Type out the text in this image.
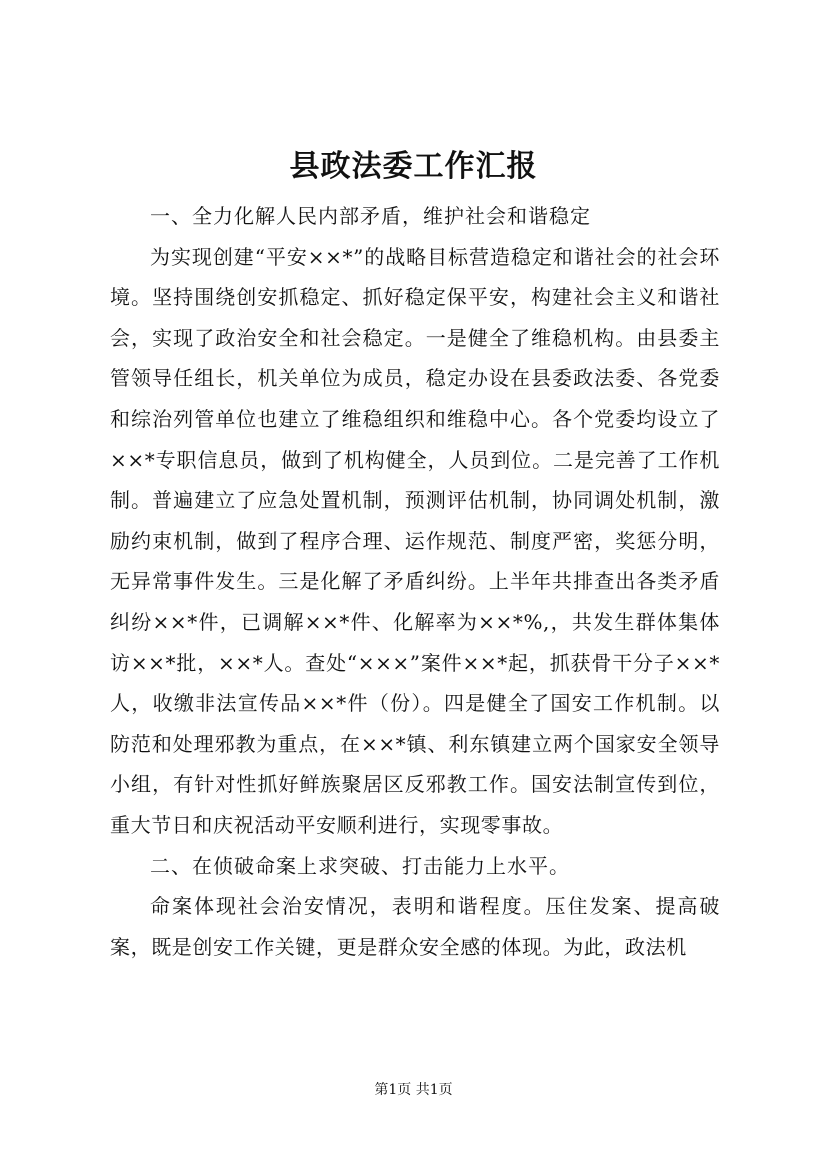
县政法委工作汇报

一、全力化解人民内部矛盾，维护社会和谐稳定

为实现创建“平安××*”的战略目标营造稳定和谐社会的社会环境。坚持围绕创安抓稳定、抓好稳定保平安，构建社会主义和谐社会，实现了政治安全和社会稳定。一是健全了维稳机构。由县委主管领导任组长，机关单位为成员，稳定办设在县委政法委、各党委和综治列管单位也建立了维稳组织和维稳中心。各个党委均设立了××*专职信息员，做到了机构健全，人员到位。二是完善了工作机制。普遍建立了应急处置机制，预测评估机制，协同调处机制，激励约束机制，做到了程序合理、运作规范、制度严密，奖惩分明，无异常事件发生。三是化解了矛盾纠纷。上半年共排查出各类矛盾纠纷××*件，已调解××*件、化解率为××*%,，共发生群体集体访××*批，××*人。查处“×××”案件××*起，抓获骨干分子××*人，收缴非法宣传品××*件（份）。四是健全了国安工作机制。以防范和处理邪教为重点，在××*镇、利东镇建立两个国家安全领导小组，有针对性抓好鲜族聚居区反邪教工作。国安法制宣传到位，重大节日和庆祝活动平安顺利进行，实现零事故。

二、在侦破命案上求突破、打击能力上水平。

命案体现社会治安情况，表明和谐程度。压住发案、提高破案，既是创安工作关键，更是群众安全感的体现。为此，政法机

第1页 共1页
